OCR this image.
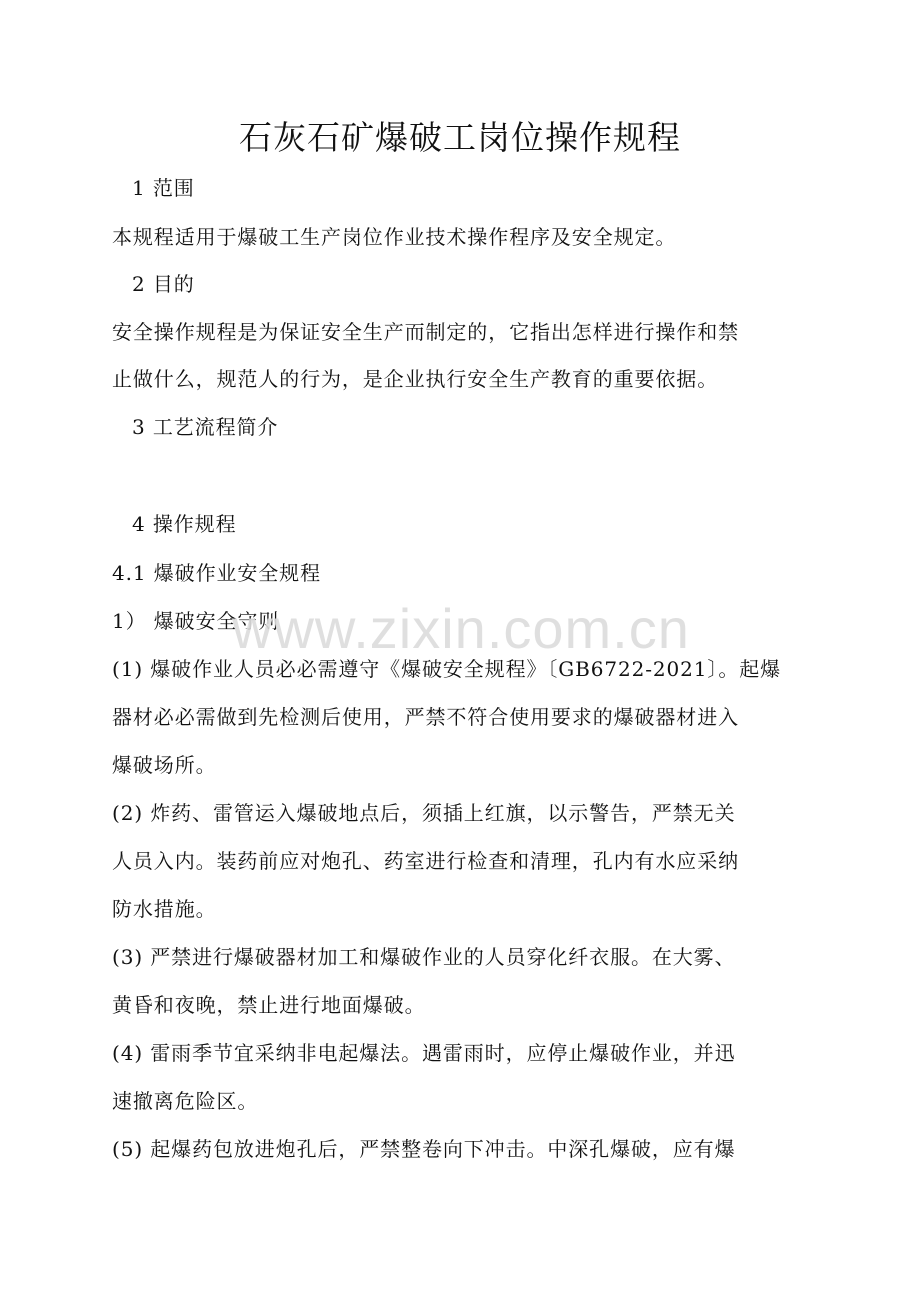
石灰石矿爆破工岗位操作规程
1 范围
本规程适用于爆破工生产岗位作业技术操作程序及安全规定。
2 目的
安全操作规程是为保证安全生产而制定的，它指出怎样进行操作和禁
止做什么，规范人的行为，是企业执行安全生产教育的重要依据。
3 工艺流程简介
4 操作规程
4.1 爆破作业安全规程
1） 爆破安全守则
(1) 爆破作业人员必必需遵守《爆破安全规程》〔GB6722-2021〕。起爆
器材必必需做到先检测后使用，严禁不符合使用要求的爆破器材进入
爆破场所。
(2) 炸药、雷管运入爆破地点后，须插上红旗，以示警告，严禁无关
人员入内。装药前应对炮孔、药室进行检查和清理，孔内有水应采纳
防水措施。
(3) 严禁进行爆破器材加工和爆破作业的人员穿化纤衣服。在大雾、
黄昏和夜晚，禁止进行地面爆破。
(4) 雷雨季节宜采纳非电起爆法。遇雷雨时，应停止爆破作业，并迅
速撤离危险区。
(5) 起爆药包放进炮孔后，严禁整卷向下冲击。中深孔爆破，应有爆
www.zixin.com.cn
